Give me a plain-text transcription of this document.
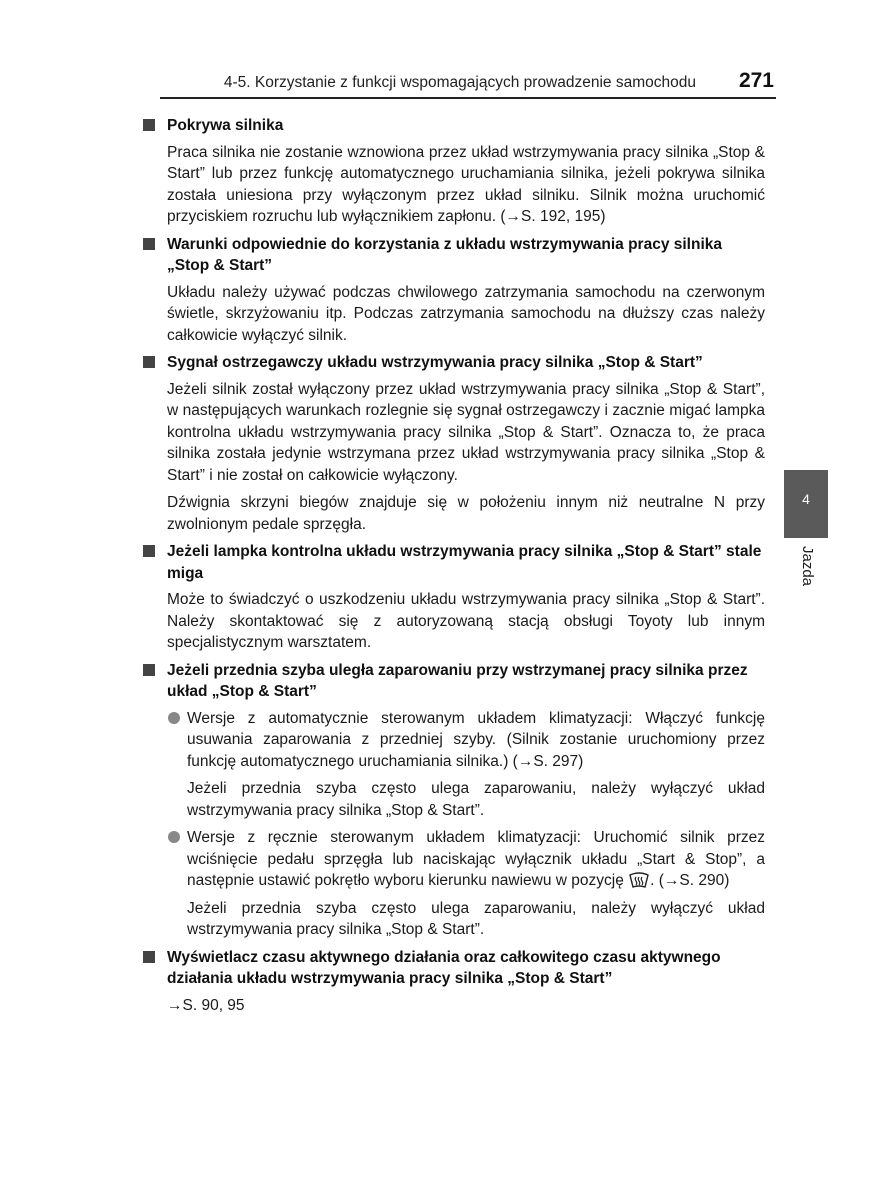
4-5. Korzystanie z funkcji wspomagających prowadzenie samochodu 271
4
Jazda
Pokrywa silnika

Praca silnika nie zostanie wznowiona przez układ wstrzymywania pracy silnika „Stop & Start” lub przez funkcję automatycznego uruchamiania silnika, jeżeli pokrywa silnika została uniesiona przy wyłączonym przez układ silniku. Silnik można uruchomić przyciskiem rozruchu lub wyłącznikiem zapłonu. (→S. 192, 195)

Warunki odpowiednie do korzystania z układu wstrzymywania pracy silnika „Stop & Start”

Układu należy używać podczas chwilowego zatrzymania samochodu na czerwonym świetle, skrzyżowaniu itp. Podczas zatrzymania samochodu na dłuższy czas należy całkowicie wyłączyć silnik.

Sygnał ostrzegawczy układu wstrzymywania pracy silnika „Stop & Start”

Jeżeli silnik został wyłączony przez układ wstrzymywania pracy silnika „Stop & Start”, w następujących warunkach rozlegnie się sygnał ostrzegawczy i zacznie migać lampka kontrolna układu wstrzymywania pracy silnika „Stop & Start”. Oznacza to, że praca silnika została jedynie wstrzymana przez układ wstrzymywania pracy silnika „Stop & Start” i nie został on całkowicie wyłączony.

Dźwignia skrzyni biegów znajduje się w położeniu innym niż neutralne N przy zwolnionym pedale sprzęgła.

Jeżeli lampka kontrolna układu wstrzymywania pracy silnika „Stop & Start” stale miga

Może to świadczyć o uszkodzeniu układu wstrzymywania pracy silnika „Stop & Start”. Należy skontaktować się z autoryzowaną stacją obsługi Toyoty lub innym specjalistycznym warsztatem.

Jeżeli przednia szyba uległa zaparowaniu przy wstrzymanej pracy silnika przez układ „Stop & Start”

Wersje z automatycznie sterowanym układem klimatyzacji: Włączyć funkcję usuwania zaparowania z przedniej szyby. (Silnik zostanie uruchomiony przez funkcję automatycznego uruchamiania silnika.) (→S. 297)

Jeżeli przednia szyba często ulega zaparowaniu, należy wyłączyć układ wstrzymywania pracy silnika „Stop & Start”.

Wersje z ręcznie sterowanym układem klimatyzacji: Uruchomić silnik przez wciśnięcie pedału sprzęgła lub naciskając wyłącznik układu „Start & Stop”, a następnie ustawić pokrętło wyboru kierunku nawiewu w pozycję . (→S. 290)

Jeżeli przednia szyba często ulega zaparowaniu, należy wyłączyć układ wstrzymywania pracy silnika „Stop & Start”.

Wyświetlacz czasu aktywnego działania oraz całkowitego czasu aktywnego działania układu wstrzymywania pracy silnika „Stop & Start”

→S. 90, 95
